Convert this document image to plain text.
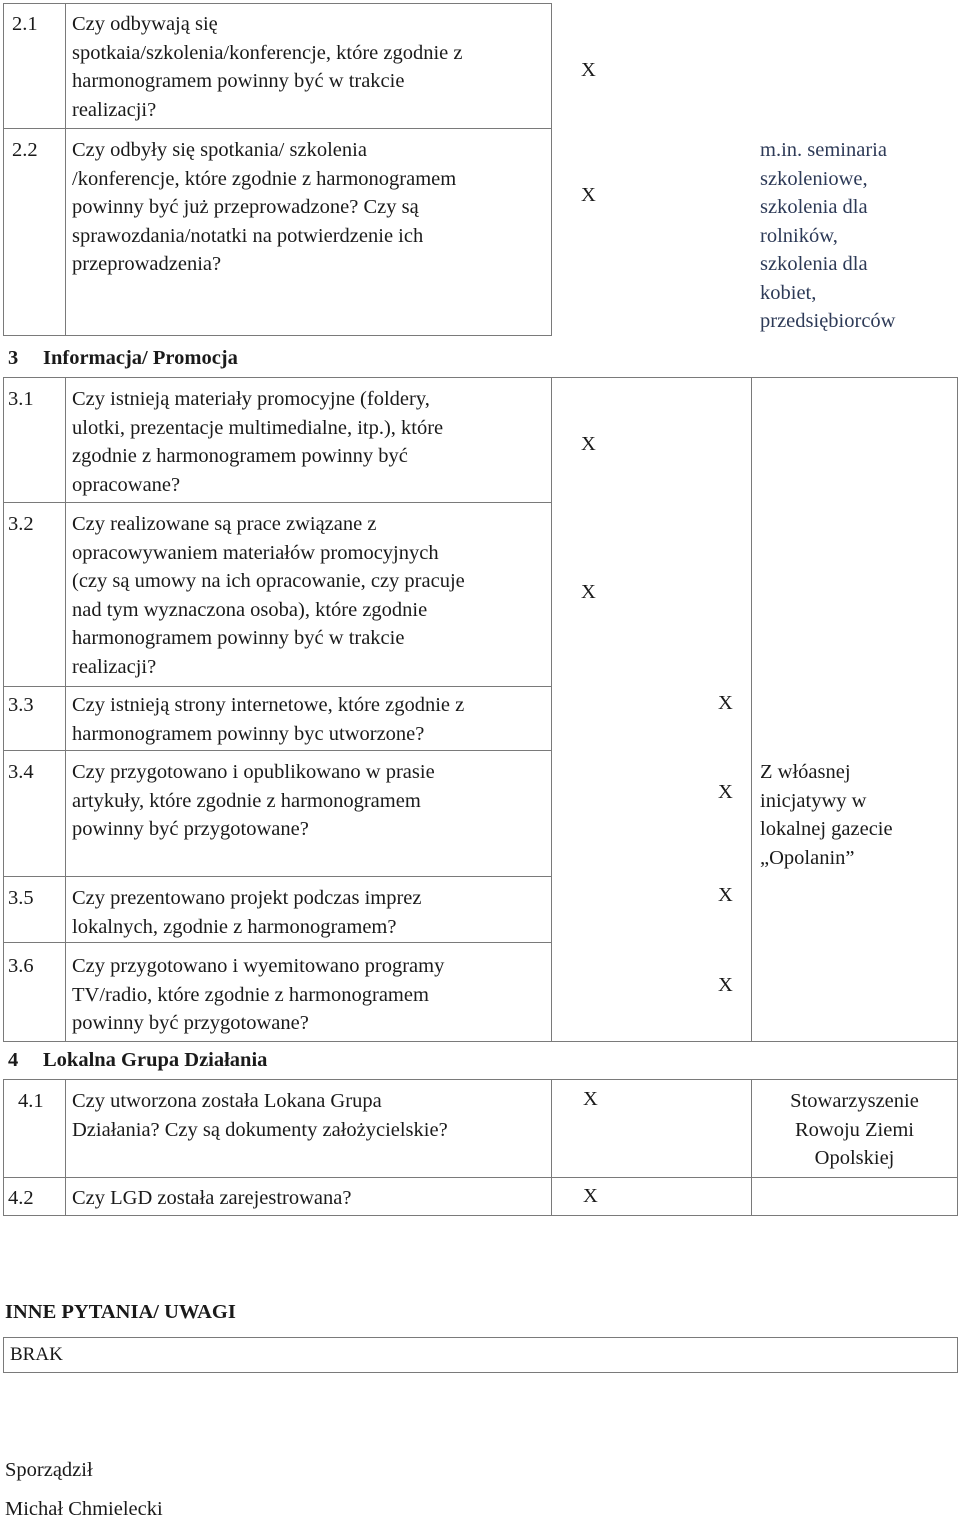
2.1 Czy odbywają się
spotkaia/szkolenia/konferencje, które zgodnie z
harmonogramem powinny być w trakcie
realizacji?
X
2.2 Czy odbyły się spotkania/ szkolenia
/konferencje, które zgodnie z harmonogramem
powinny być już przeprowadzone? Czy są
sprawozdania/notatki na potwierdzenie ich
przeprowadzenia?
X
m.in. seminaria
szkoleniowe,
szkolenia dla
rolników,
szkolenia dla
kobiet,
przedsiębiorców
3 Informacja/ Promocja
3.1 Czy istnieją materiały promocyjne (foldery,
ulotki, prezentacje multimedialne, itp.), które
zgodnie z harmonogramem powinny być
opracowane?
X
3.2 Czy realizowane są prace związane z
opracowywaniem materiałów promocyjnych
(czy są umowy na ich opracowanie, czy pracuje
nad tym wyznaczona osoba), które zgodnie
harmonogramem powinny być w trakcie
realizacji?
X
3.3 Czy istnieją strony internetowe, które zgodnie z
harmonogramem powinny byc utworzone?
X
3.4 Czy przygotowano i opublikowano w prasie
artykuły, które zgodnie z harmonogramem
powinny być przygotowane?
X
Z włóasnej
inicjatywy w
lokalnej gazecie
„Opolanin”
3.5 Czy prezentowano projekt podczas imprez
lokalnych, zgodnie z harmonogramem?
X
3.6 Czy przygotowano i wyemitowano programy
TV/radio, które zgodnie z harmonogramem
powinny być przygotowane?
X
4 Lokalna Grupa Działania
4.1 Czy utworzona została Lokana Grupa
Działania? Czy są dokumenty założycielskie?
X	Stowarzyszenie
Rowoju Ziemi
Opolskiej
4.2 Czy LGD została zarejestrowana?	X
INNE PYTANIA/ UWAGI
BRAK
Sporządził
Michał Chmielecki
